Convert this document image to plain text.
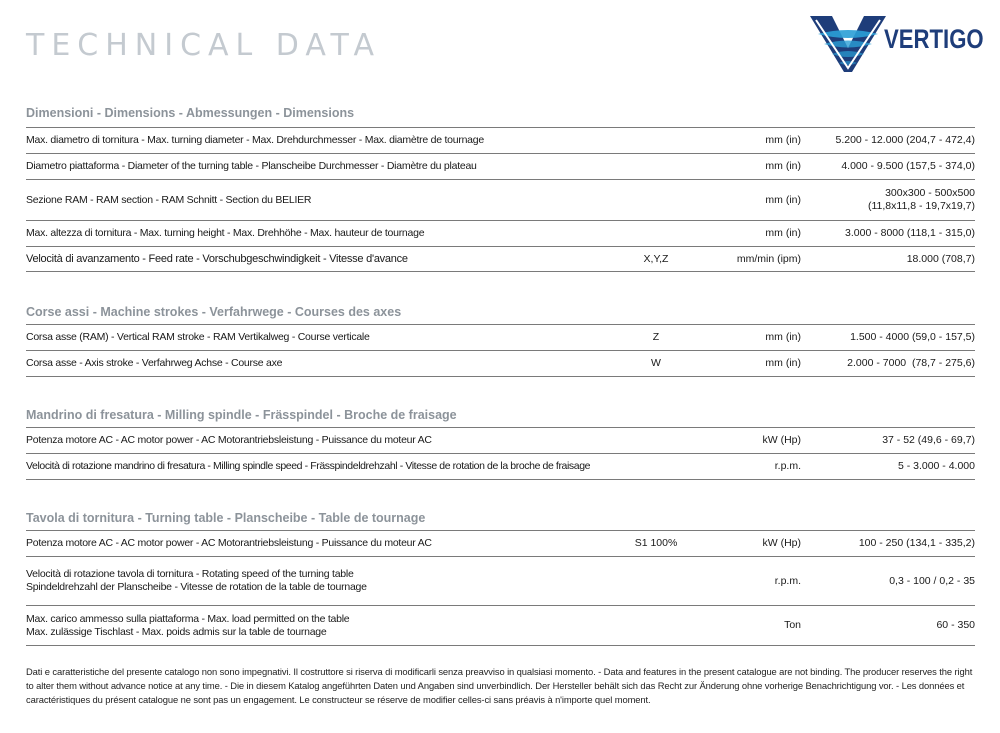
TECHNICAL DATA	VERTIGO
Dimensioni - Dimensions - Abmessungen - Dimensions
Max. diametro di tornitura - Max. turning diameter - Max. Drehdurchmesser - Max. diamètre de tournage		mm (in)	5.200 - 12.000 (204,7 - 472,4)
Diametro piattaforma - Diameter of the turning table - Planscheibe Durchmesser - Diamètre du plateau		mm (in)	4.000 - 9.500 (157,5 - 374,0)
Sezione RAM - RAM section - RAM Schnitt - Section du BELIER		mm (in)	300x300 - 500x500
(11,8x11,8 - 19,7x19,7)

Max. altezza di tornitura - Max. turning height - Max. Drehhöhe - Max. hauteur de tournage		mm (in)	3.000 - 8000 (118,1 - 315,0)
Velocità di avanzamento - Feed rate - Vorschubgeschwindigkeit - Vitesse d'avance	X,Y,Z	mm/min (ipm)	18.000 (708,7)
Corse assi - Machine strokes - Verfahrwege - Courses des axes
Corsa asse (RAM) - Vertical RAM stroke - RAM Vertikalweg - Course verticale	Z	mm (in)	1.500 - 4000 (59,0 - 157,5)
Corsa asse - Axis stroke - Verfahrweg Achse - Course axe	W	mm (in)	2.000 - 7000  (78,7 - 275,6)
Mandrino di fresatura - Milling spindle - Frässpindel - Broche de fraisage
Potenza motore AC - AC motor power - AC Motorantriebsleistung - Puissance du moteur AC		kW (Hp)	37 - 52 (49,6 - 69,7)
Velocità di rotazione mandrino di fresatura - Milling spindle speed - Frässpindeldrehzahl - Vitesse de rotation de la broche de fraisage		r.p.m.	5 - 3.000 - 4.000
Tavola di tornitura - Turning table - Planscheibe - Table de tournage
Potenza motore AC - AC motor power - AC Motorantriebsleistung - Puissance du moteur AC	S1 100%	kW (Hp)	100 - 250 (134,1 - 335,2)

Velocità di rotazione tavola di tornitura - Rotating speed of the turning table
Spindeldrehzahl der Planscheibe - Vitesse de rotation de la table de tournage		r.p.m.	0,3 - 100 / 0,2 - 35

Max. carico ammesso sulla piattaforma - Max. load permitted on the table
Max. zulässige Tischlast - Max. poids admis sur la table de tournage		Ton	60 - 350
Dati e caratteristiche del presente catalogo non sono impegnativi. Il costruttore si riserva di modificarli senza preavviso in qualsiasi momento. - Data and features in the present catalogue are not binding. The producer reserves the right to alter them without advance notice at any time. - Die in diesem Katalog angeführten Daten und Angaben sind unverbindlich. Der Hersteller behält sich das Recht zur Änderung ohne vorherige Benachrichtigung vor. - Les données et caractéristiques du présent catalogue ne sont pas un engagement. Le constructeur se réserve de modifier celles-ci sans préavis à n'importe quel moment.
